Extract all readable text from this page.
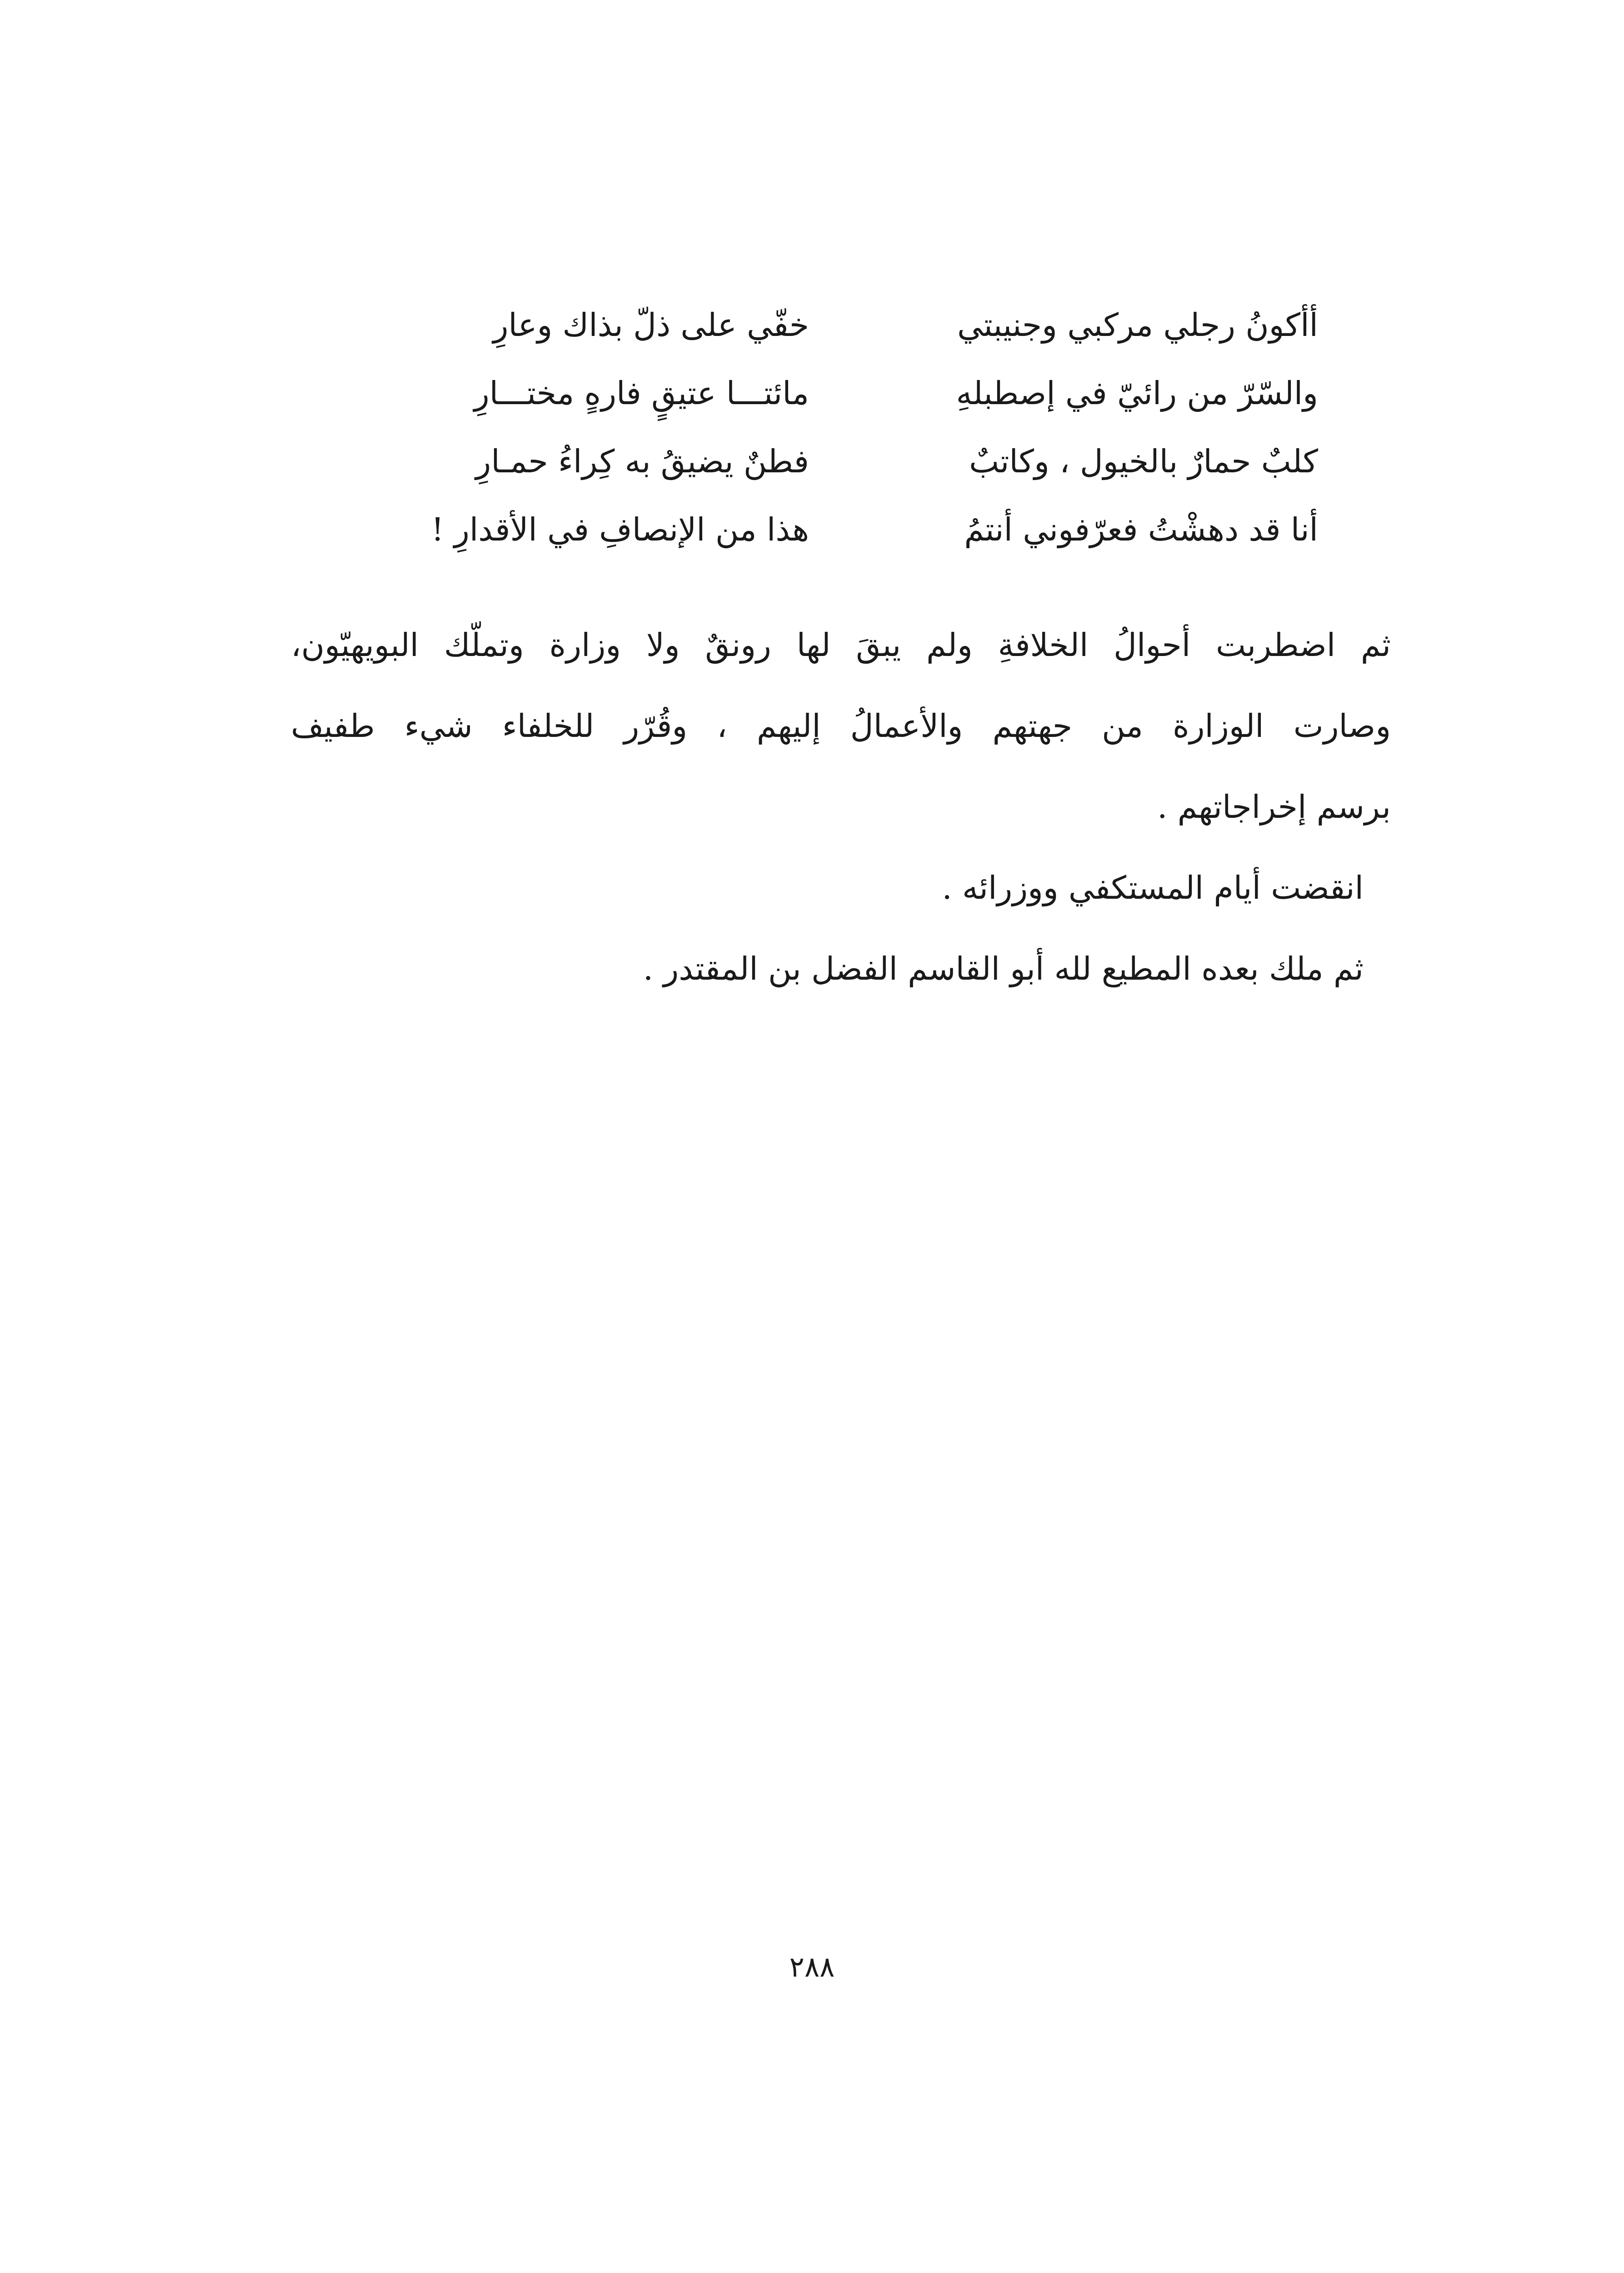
أأكونُ رجلي مركبي وجنيبتي
خفّي على ذلّ بذاك وعارِ
والسّرّ من رائيّ في إصطبلهِ
مائتـــا عتيقٍ فارهٍ مختـــارِ
كلبٌ حمارٌ بالخيول ، وكاتبٌ
فطنٌ يضيقُ به كِراءُ حمـارِ
أنا قد دهشْتُ فعرّفوني أنتمُ
هذا من الإنصافِ في الأقدارِ !
ثم اضطربت أحوالُ الخلافةِ ولم يبقَ لها رونقٌ ولا وزارة وتملّك البويهيّون،
وصارت الوزارة من جهتهم والأعمالُ إليهم ، وقُرّر للخلفاء شيء طفيف
برسم إخراجاتهم .
انقضت أيام المستكفي ووزرائه .
ثم ملك بعده المطيع لله أبو القاسم الفضل بن المقتدر .
٢٨٨
